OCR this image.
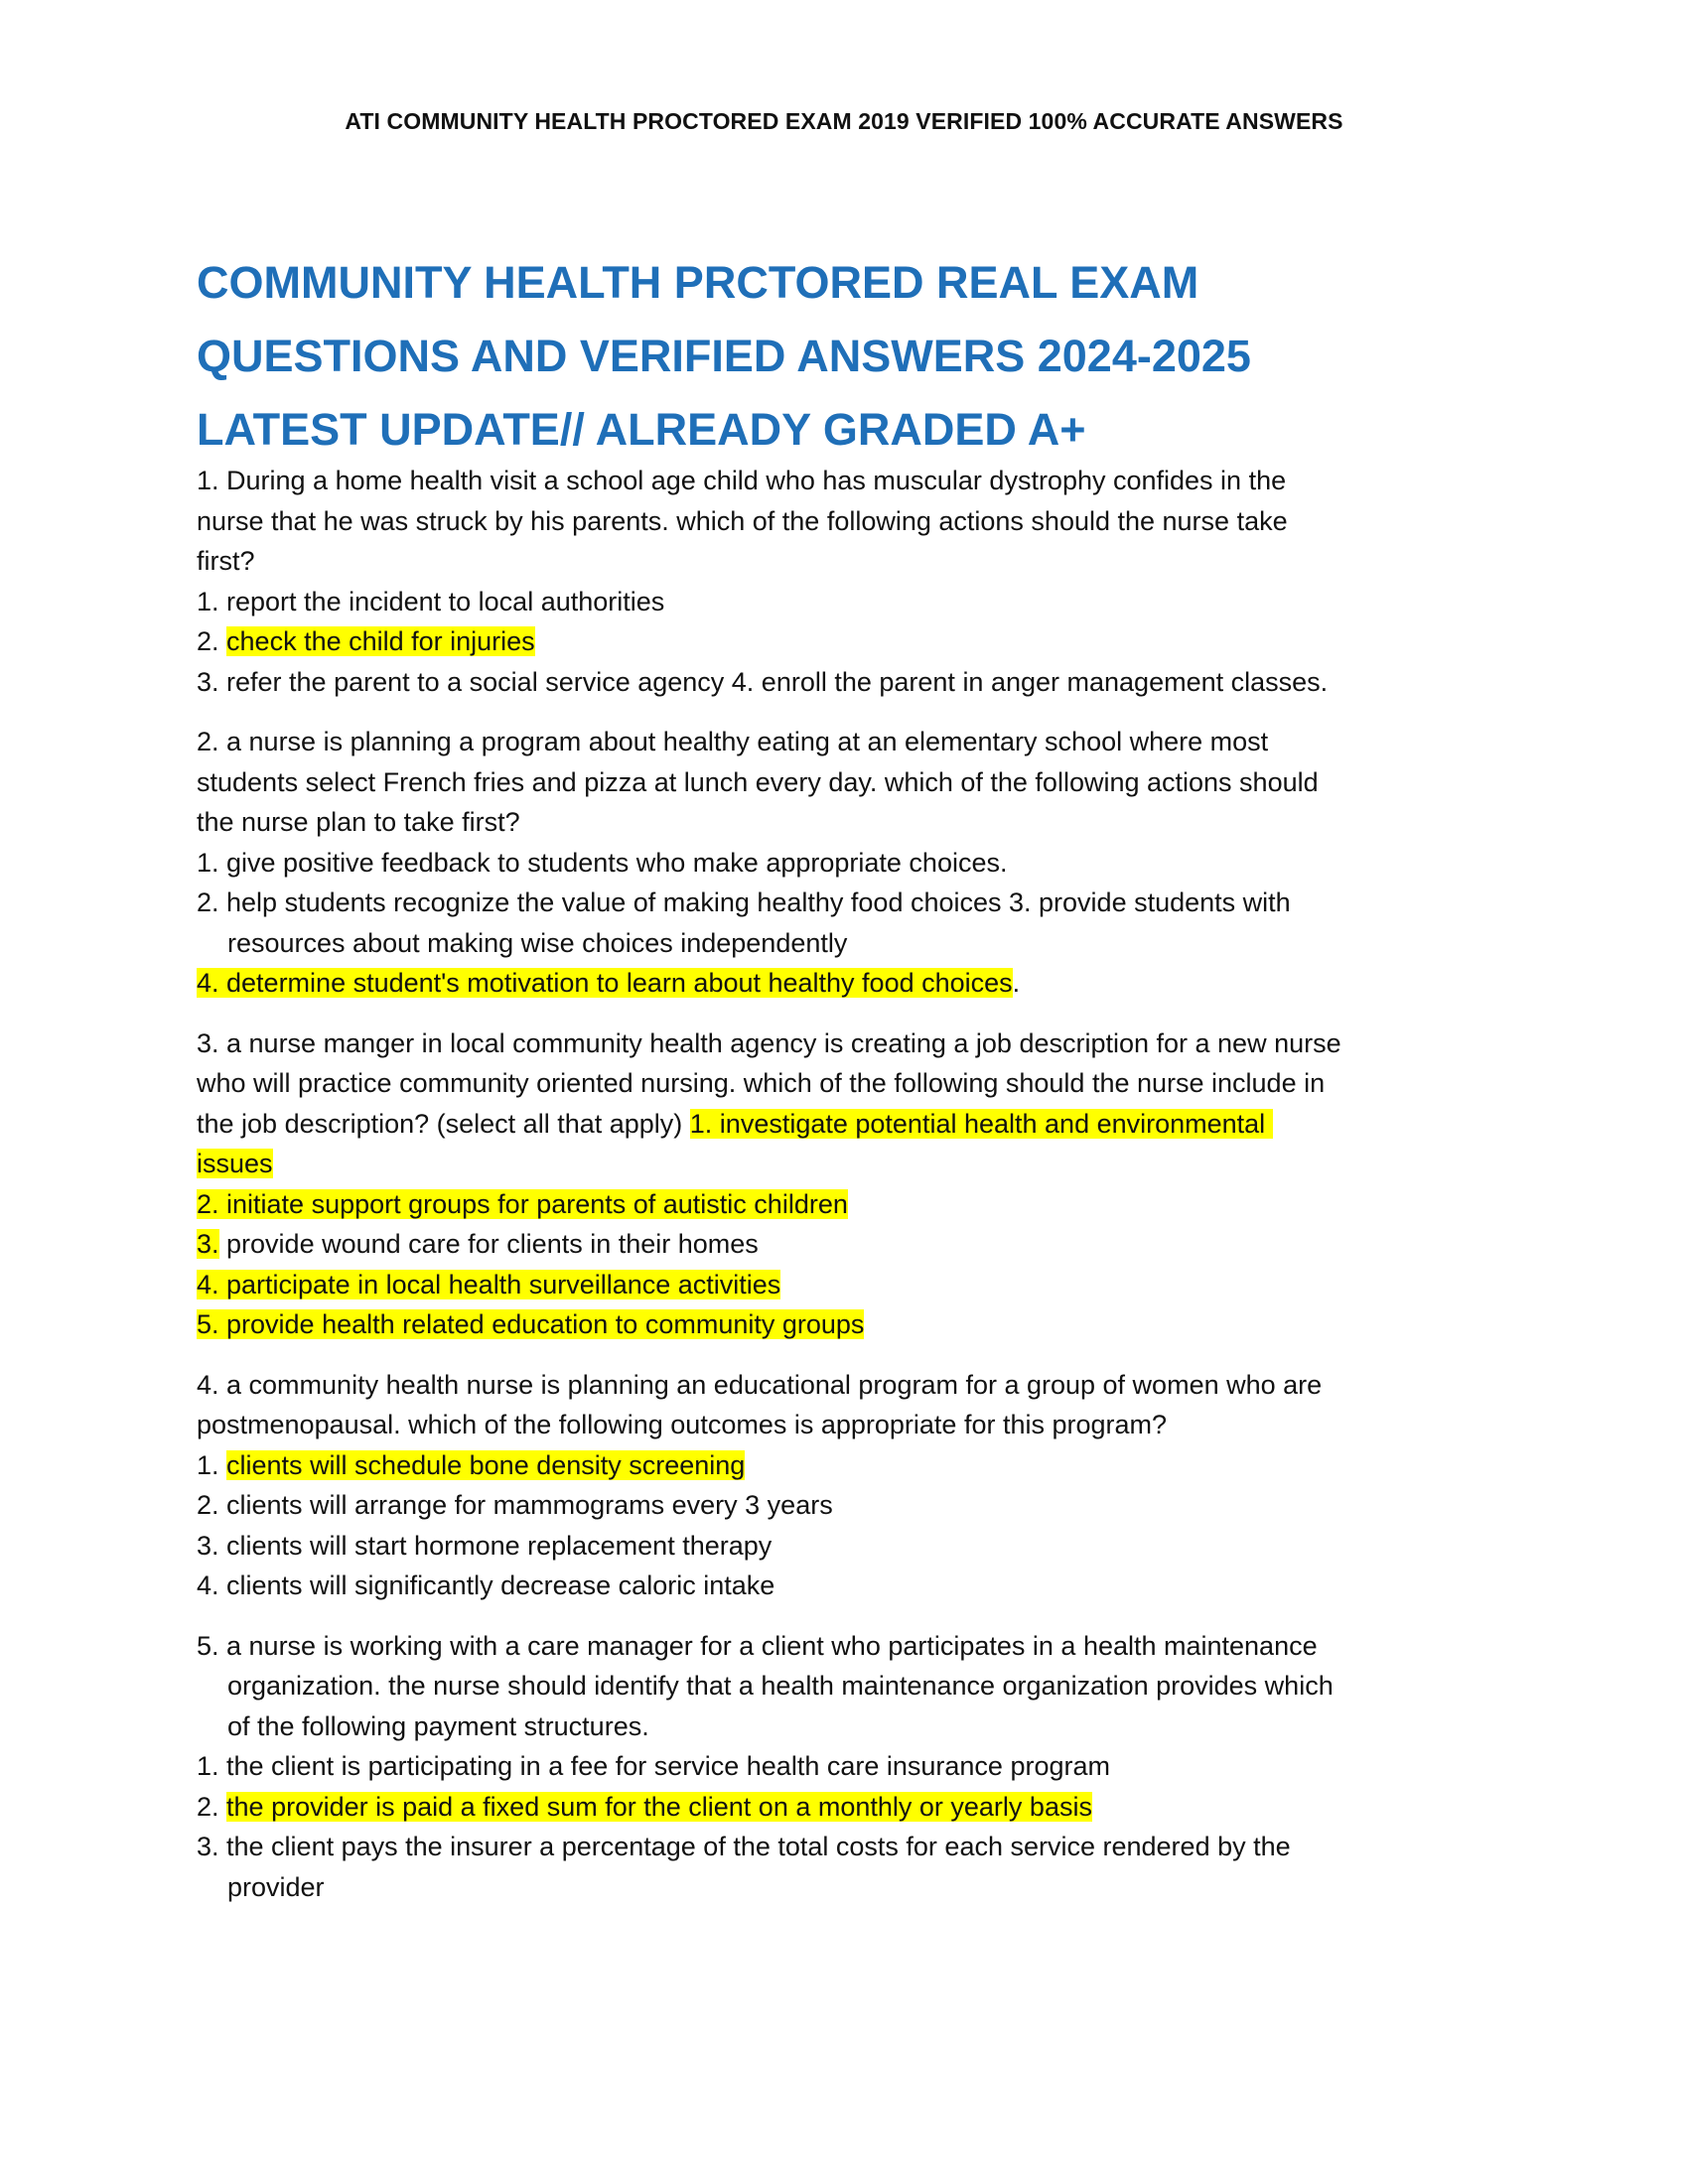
ATI COMMUNITY HEALTH PROCTORED EXAM 2019 VERIFIED 100% ACCURATE ANSWERS
COMMUNITY HEALTH PRCTORED REAL EXAM
QUESTIONS AND VERIFIED ANSWERS 2024-2025
LATEST UPDATE// ALREADY GRADED A+
1. During a home health visit a school age child who has muscular dystrophy confides in the nurse that he was struck by his parents. which of the following actions should the nurse take first?
1. report the incident to local authorities
2. check the child for injuries
3. refer the parent to a social service agency 4. enroll the parent in anger management classes.
2. a nurse is planning a program about healthy eating at an elementary school where most students select French fries and pizza at lunch every day. which of the following actions should the nurse plan to take first?
1. give positive feedback to students who make appropriate choices.
2. help students recognize the value of making healthy food choices 3. provide students with resources about making wise choices independently
4. determine student's motivation to learn about healthy food choices.
3. a nurse manger in local community health agency is creating a job description for a new nurse who will practice community oriented nursing. which of the following should the nurse include in the job description? (select all that apply) 1. investigate potential health and environmental issues
2. initiate support groups for parents of autistic children
3. provide wound care for clients in their homes
4. participate in local health surveillance activities
5. provide health related education to community groups
4. a community health nurse is planning an educational program for a group of women who are postmenopausal. which of the following outcomes is appropriate for this program?
1. clients will schedule bone density screening
2. clients will arrange for mammograms every 3 years
3. clients will start hormone replacement therapy
4. clients will significantly decrease caloric intake
5. a nurse is working with a care manager for a client who participates in a health maintenance organization. the nurse should identify that a health maintenance organization provides which of the following payment structures.
1. the client is participating in a fee for service health care insurance program
2. the provider is paid a fixed sum for the client on a monthly or yearly basis
3. the client pays the insurer a percentage of the total costs for each service rendered by the provider
